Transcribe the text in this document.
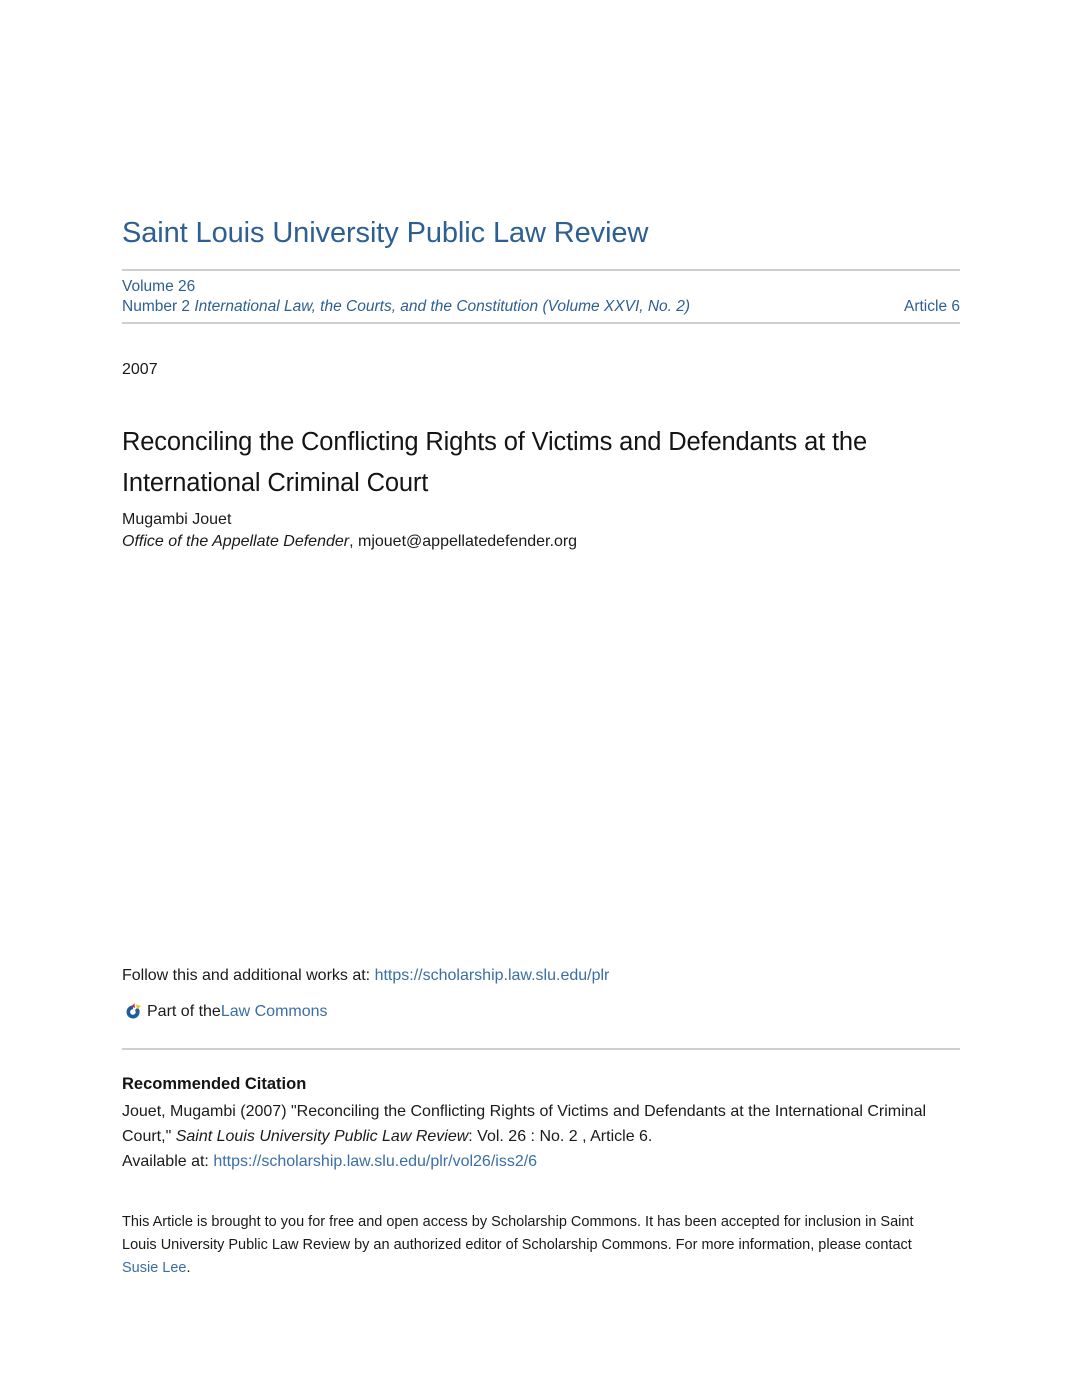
Saint Louis University Public Law Review
Volume 26
Number 2 International Law, the Courts, and the Constitution (Volume XXVI, No. 2)	Article 6
2007
Reconciling the Conflicting Rights of Victims and Defendants at the International Criminal Court
Mugambi Jouet
Office of the Appellate Defender, mjouet@appellatedefender.org
Follow this and additional works at: https://scholarship.law.slu.edu/plr
Part of the Law Commons
Recommended Citation
Jouet, Mugambi (2007) "Reconciling the Conflicting Rights of Victims and Defendants at the International Criminal Court," Saint Louis University Public Law Review: Vol. 26 : No. 2 , Article 6.
Available at: https://scholarship.law.slu.edu/plr/vol26/iss2/6
This Article is brought to you for free and open access by Scholarship Commons. It has been accepted for inclusion in Saint Louis University Public Law Review by an authorized editor of Scholarship Commons. For more information, please contact Susie Lee.
